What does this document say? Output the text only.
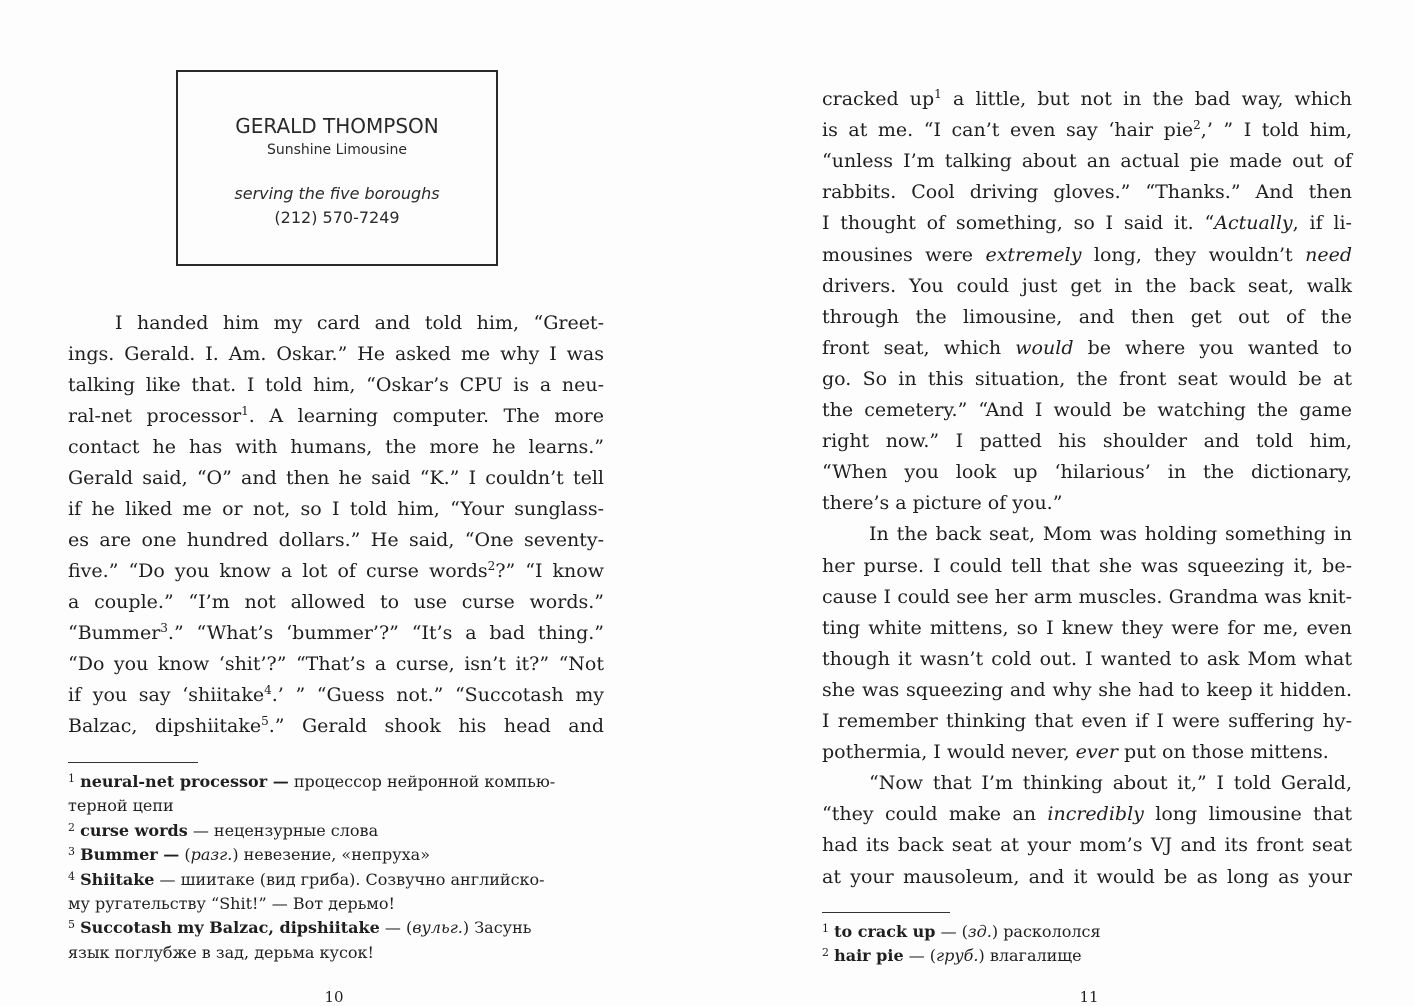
GERALD THOMPSON
Sunshine Limousine
serving the five boroughs
(212) 570-7249
I handed him my card and told him, “Greet-
ings. Gerald. I. Am. Oskar.” He asked me why I was
talking like that. I told him, “Oskar’s CPU is a neu-
ral-net processor$^1$. A learning computer. The more
contact he has with humans, the more he learns.”
Gerald said, “O” and then he said “K.” I couldn’t tell
if he liked me or not, so I told him, “Your sunglass-
es are one hundred dollars.” He said, “One seventy-
five.” “Do you know a lot of curse words$^2$?” “I know
a couple.” “I’m not allowed to use curse words.”
“Bummer$^3$.” “What’s ‘bummer’?” “It’s a bad thing.”
“Do you know ‘shit’?” “That’s a curse, isn’t it?” “Not
if you say ‘shiitake$^4$.’ ” “Guess not.” “Succotash my
Balzac, dipshiitake$^5$.” Gerald shook his head and
$^1$ neural-net processor — процессор нейронной компью-
терной цепи
$^2$ curse words — нецензурные слова
$^3$ Bummer — (разг.) невезение, «непруха»
$^4$ Shiitake — шиитаке (вид гриба). Созвучно английско-
му ругательству “Shit!” — Вот дерьмо!
$^5$ Succotash my Balzac, dipshiitake — (вульг.) Засунь
язык поглубже в зад, дерьма кусок!
10
cracked $up^1$ a little, but not in the bad way, which
is at me. “I can’t even say ‘hair pie$^2$,’ ” I told him,
“unless I’m talking about an actual pie made out of
rabbits. Cool driving gloves.” “Thanks.” And then
I thought of something, so I said it. “Actually, if li-
mousines were extremely long, they wouldn’t need
drivers. You could just get in the back seat, walk
through the limousine, and then get out of the
front seat, which would be where you wanted to
go. So in this situation, the front seat would be at
the cemetery.” “And I would be watching the game
right now.” I patted his shoulder and told him,
“When you look up ‘hilarious’ in the dictionary,
there’s a picture of you.”
In the back seat, Mom was holding something in
her purse. I could tell that she was squeezing it, be-
cause I could see her arm muscles. Grandma was knit-
ting white mittens, so I knew they were for me, even
though it wasn’t cold out. I wanted to ask Mom what
she was squeezing and why she had to keep it hidden.
I remember thinking that even if I were suffering hy-
pothermia, I would never, ever put on those mittens.
“Now that I’m thinking about it,” I told Gerald,
“they could make an incredibly long limousine that
had its back seat at your mom’s VJ and its front seat
at your mausoleum, and it would be as long as your
$^1$ to crack up — (зд.) раскололся
$^2$ hair pie — (груб.) влагалище
11
